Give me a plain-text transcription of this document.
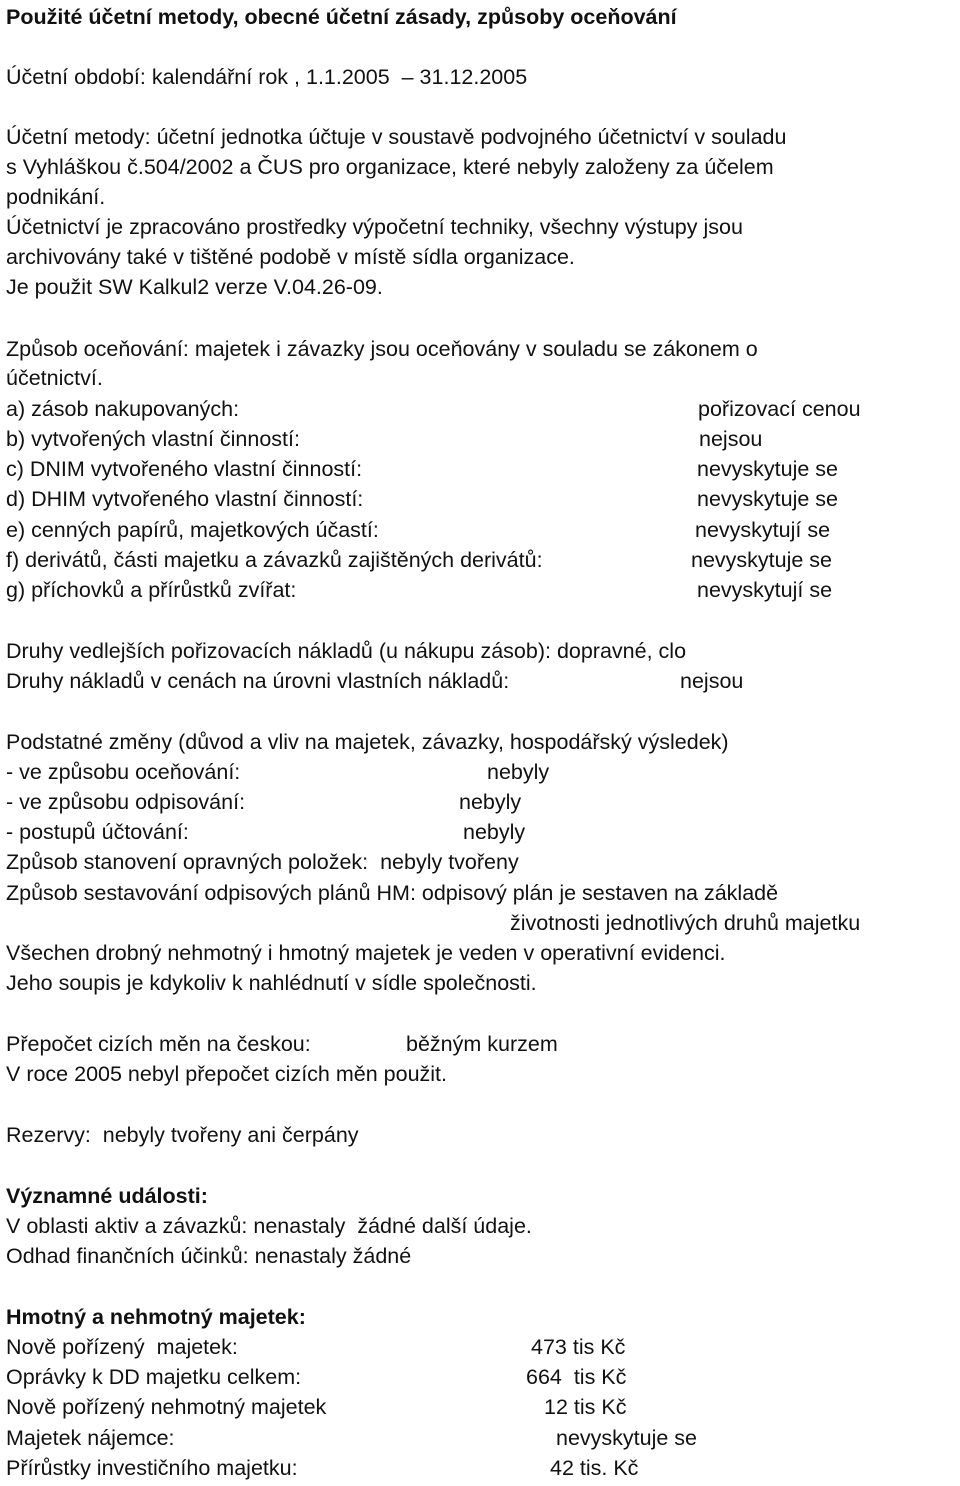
Použité účetní metody, obecné účetní zásady, způsoby oceňování
Účetní období: kalendářní rok , 1.1.2005  – 31.12.2005
Účetní metody: účetní jednotka účtuje v soustavě podvojného účetnictví v souladu
s Vyhláškou č.504/2002 a ČUS pro organizace, které nebyly založeny za účelem
podnikání.
Účetnictví je zpracováno prostředky výpočetní techniky, všechny výstupy jsou
archivovány také v tištěné podobě v místě sídla organizace.
Je použit SW Kalkul2 verze V.04.26-09.
Způsob oceňování: majetek i závazky jsou oceňovány v souladu se zákonem o
účetnictví.
a) zásob nakupovaných:	pořizovací cenou
b) vytvořených vlastní činností:	nejsou
c) DNIM vytvořeného vlastní činností:	nevyskytuje se
d) DHIM vytvořeného vlastní činností:	nevyskytuje se
e) cenných papírů, majetkových účastí:	nevyskytují se
f) derivátů, části majetku a závazků zajištěných derivátů:	nevyskytuje se
g) příchovků a přírůstků zvířat:	nevyskytují se
Druhy vedlejších pořizovacích nákladů (u nákupu zásob): dopravné, clo
Druhy nákladů v cenách na úrovni vlastních nákladů:	nejsou
Podstatné změny (důvod a vliv na majetek, závazky, hospodářský výsledek)
- ve způsobu oceňování:	nebyly
- ve způsobu odpisování:	nebyly
- postupů účtování:	nebyly
Způsob stanovení opravných položek:  nebyly tvořeny
Způsob sestavování odpisových plánů HM: odpisový plán je sestaven na základě
životnosti jednotlivých druhů majetku
Všechen drobný nehmotný i hmotný majetek je veden v operativní evidenci.
Jeho soupis je kdykoliv k nahlédnutí v sídle společnosti.
Přepočet cizích měn na českou:	běžným kurzem
V roce 2005 nebyl přepočet cizích měn použit.
Rezervy:  nebyly tvořeny ani čerpány
Významné události:
V oblasti aktiv a závazků: nenastaly  žádné další údaje.
Odhad finančních účinků: nenastaly žádné
Hmotný a nehmotný majetek:
Nově pořízený  majetek:	473 tis Kč
Oprávky k DD majetku celkem:	664  tis Kč
Nově pořízený nehmotný majetek	12 tis Kč
Majetek nájemce:	nevyskytuje se
Přírůstky investičního majetku:	42 tis. Kč
